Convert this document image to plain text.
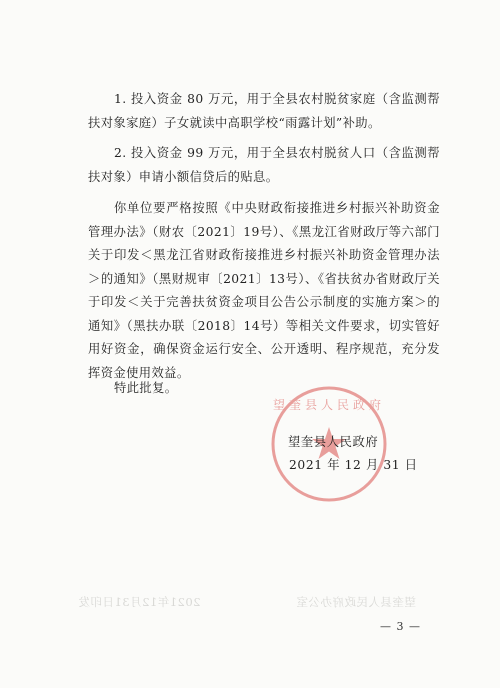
1. 投入资金 80 万元，用于全县农村脱贫家庭（含监测帮扶对象家庭）子女就读中高职学校“雨露计划”补助。

2. 投入资金 99 万元，用于全县农村脱贫人口（含监测帮扶对象）申请小额信贷后的贴息。

你单位要严格按照《中央财政衔接推进乡村振兴补助资金管理办法》（财农〔2021〕19号）、《黑龙江省财政厅等六部门关于印发＜黑龙江省财政衔接推进乡村振兴补助资金管理办法＞的通知》（黑财规审〔2021〕13号）、《省扶贫办省财政厅关于印发＜关于完善扶贫资金项目公告公示制度的实施方案＞的通知》（黑扶办联〔2018〕14号）等相关文件要求，切实管好用好资金，确保资金运行安全、公开透明、程序规范，充分发挥资金使用效益。

特此批复。

望奎县人民政府
望奎县人民政府
2021 年 12 月 31 日
望奎县人民政府办公室
2021年12月31日印发
— 3 —
